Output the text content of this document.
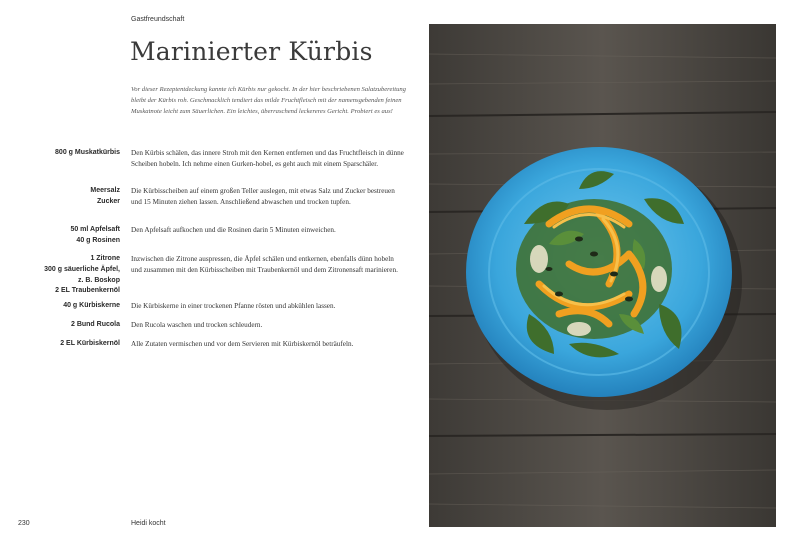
Gastfreundschaft
Marinierter Kürbis
Vor dieser Rezeptentdeckung kannte ich Kürbis nur gekocht. In der hier beschriebenen Salatzubereitung bleibt der Kürbis roh. Geschmacklich tendiert das milde Fruchtfleisch mit der namensgebenden feinen Muskatnote leicht zum Säuerlichen. Ein leichtes, überraschend leckereres Gericht. Probiert es aus!
800 g Muskatkürbis Den Kürbis schälen, das innere Stroh mit den Kernen entfernen und das Fruchtfleisch in dünne Scheiben hobeln. Ich nehme einen Gurken-hobel, es geht auch mit einem Sparschäler.
Meersalz
Zucker
Die Kürbisscheiben auf einem großen Teller auslegen, mit etwas Salz und Zucker bestreuen und 15 Minuten ziehen lassen. Anschließend abwaschen und trocken tupfen.
50 ml Apfelsaft
40 g Rosinen
Den Apfelsaft aufkochen und die Rosinen darin 5 Minuten einweichen.
1 Zitrone
300 g säuerliche Äpfel,
z. B. Boskop
2 EL Traubenkernöl
Inzwischen die Zitrone auspressen, die Äpfel schälen und entkernen, ebenfalls dünn hobeln und zusammen mit den Kürbisscheiben mit Traubenkernöl und dem Zitronensaft marinieren.
40 g Kürbiskerne Die Kürbiskerne in einer trockenen Pfanne rösten und abkühlen lassen.
2 Bund Rucola Den Rucola waschen und trocken schleudern.
2 EL Kürbiskernöl Alle Zutaten vermischen und vor dem Servieren mit Kürbiskernöl beträufeln.
230	Heidi kocht
